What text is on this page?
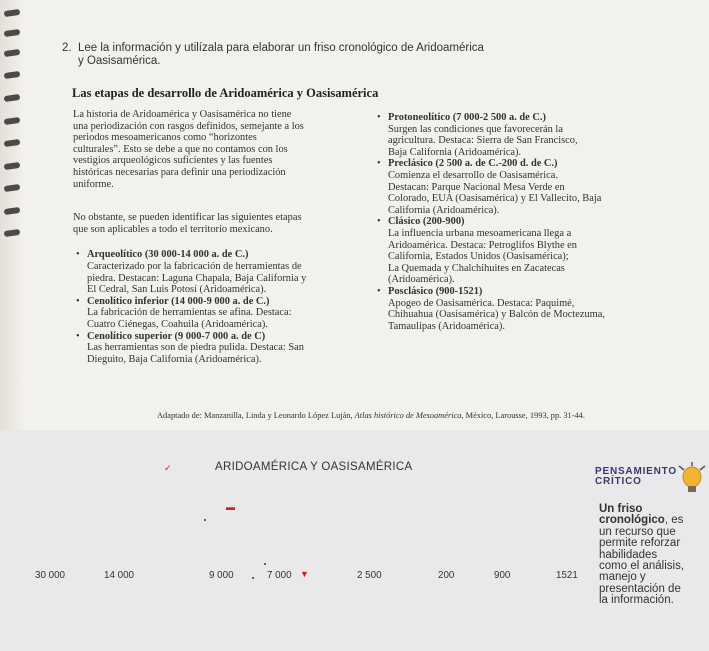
2. Lee la información y utilízala para elaborar un friso cronológico de Aridoamérica
y Oasisamérica.
Las etapas de desarrollo de Aridoamérica y Oasisamérica

La historia de Aridoamérica y Oasisamérica no tiene

una periodización con rasgos definidos, semejante a los

periodos mesoamericanos como “horizontes

culturales”. Esto se debe a que no contamos con los

vestigios arqueológicos suficientes y las fuentes

históricas necesarias para definir una periodización

uniforme.

No obstante, se pueden identificar las siguientes etapas

que son aplicables a todo el territorio mexicano.

• Arqueolítico (30 000-14 000 a. de C.)

Caracterizado por la fabricación de herramientas de

piedra. Destacan: Laguna Chapala, Baja California y

El Cedral, San Luis Potosí (Aridoamérica).

• Cenolítico inferior (14 000-9 000 a. de C.)

La fabricación de herramientas se afina. Destaca:

Cuatro Ciénegas, Coahuila (Aridoamérica).

• Cenolítico superior (9 000-7 000 a. de C)

Las herramientas son de piedra pulida. Destaca: San

Dieguito, Baja California (Aridoamérica).

• Protoneolítico (7 000-2 500 a. de C.)

Surgen las condiciones que favorecerán la

agricultura. Destaca: Sierra de San Francisco,

Baja California (Aridoamérica).

• Preclásico (2 500 a. de C.-200 d. de C.)

Comienza el desarrollo de Oasisamérica.

Destacan: Parque Nacional Mesa Verde en

Colorado, EUA (Oasisamérica) y El Vallecito, Baja

California (Aridoamérica).

• Clásico (200-900)

La influencia urbana mesoamericana llega a

Aridoamérica. Destaca: Petroglifos Blythe en

California, Estados Unidos (Oasisamérica);

La Quemada y Chalchihuites en Zacatecas

(Aridoamérica).

• Posclásico (900-1521)

Apogeo de Oasisamérica. Destaca: Paquimé,

Chihuahua (Oasisamérica) y Balcón de Moctezuma,

Tamaulipas (Aridoamérica).

Adaptado de: Manzanilla, Linda y Leonardo López Luján, Atlas histórico de Mesoamérica, México, Larousse, 1993, pp. 31-44.
ARIDOAMÉRICA Y OASISAMÉRICA
✓
▬
▼
30 000	14 000	9 000	7 000	2 500	200	900	1521
PENSAMIENTO
CRÍTICO

Un friso

cronológico, es

un recurso que

permite reforzar

habilidades

como el análisis,

manejo y

presentación de

la información.
